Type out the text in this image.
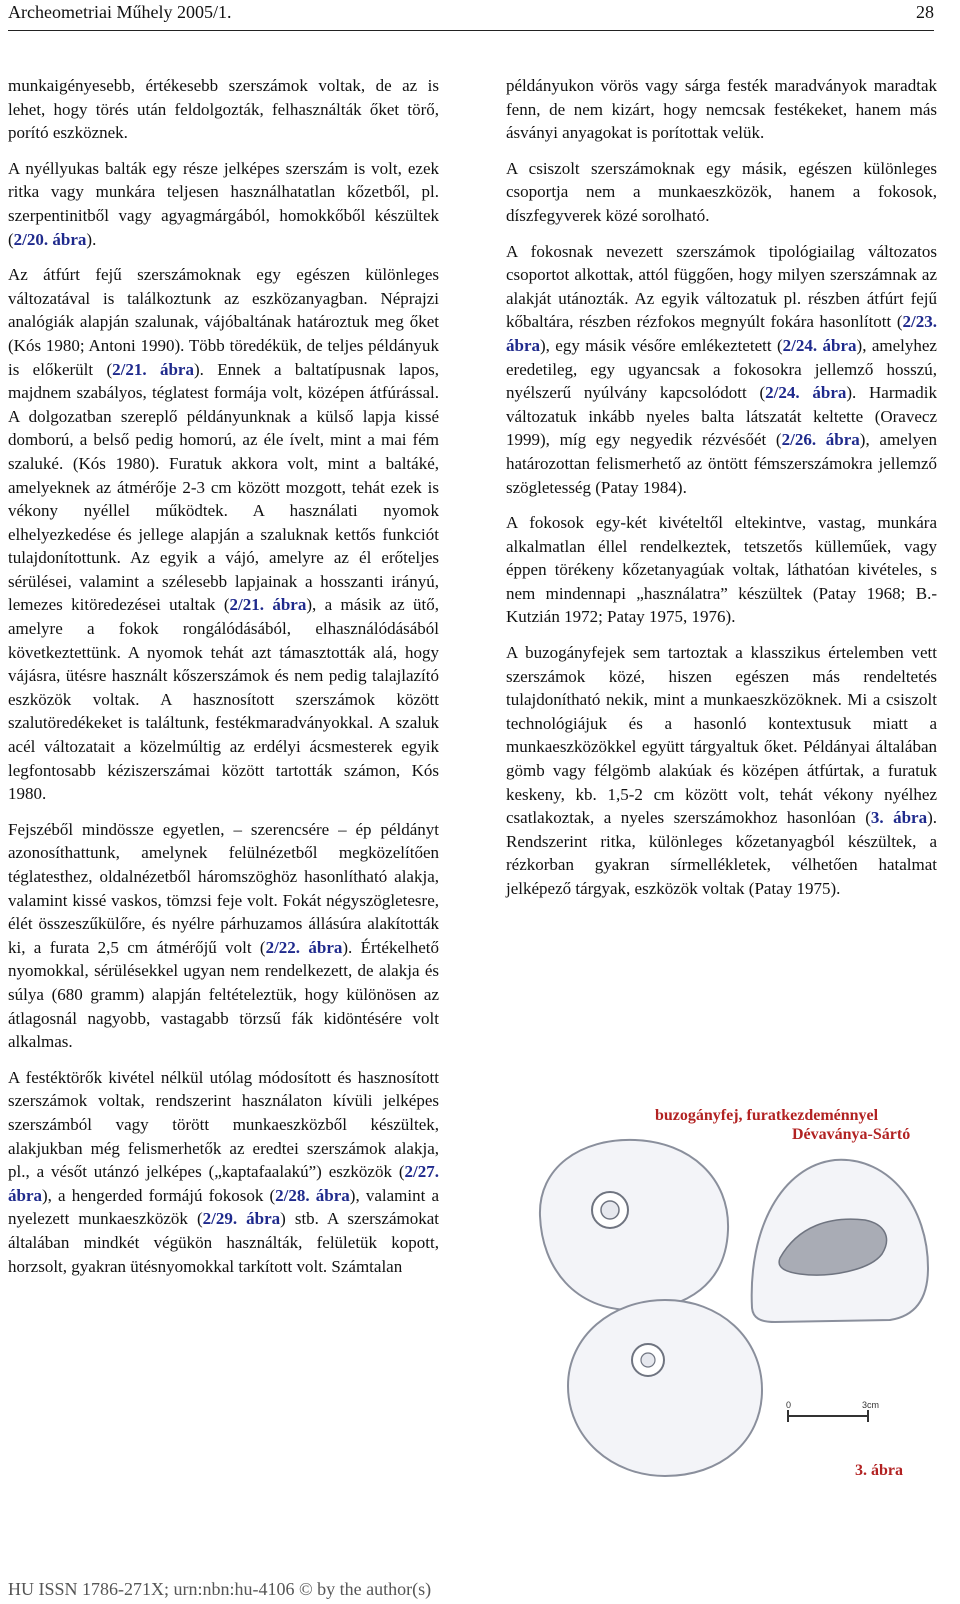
Archeometriai Műhely 2005/1.	28

munkaigényesebb, értékesebb szerszámok voltak, de az is lehet, hogy törés után feldolgozták, felhasználták őket törő, porító eszköznek.

A nyéllyukas balták egy része jelképes szerszám is volt, ezek ritka vagy munkára teljesen használhatatlan kőzetből, pl. szerpentinitből vagy agyagmárgából, homokkőből készültek (2/20. ábra).

Az átfúrt fejű szerszámoknak egy egészen különleges változatával is találkoztunk az eszközanyagban. Néprajzi analógiák alapján szalunak, vájóbaltának határoztuk meg őket (Kós 1980; Antoni 1990). Több töredékük, de teljes példányuk is előkerült (2/21. ábra). Ennek a baltatípusnak lapos, majdnem szabályos, téglatest formája volt, középen átfúrással. A dolgozatban szereplő példányunknak a külső lapja kissé domború, a belső pedig homorú, az éle ívelt, mint a mai fém szaluké. (Kós 1980). Furatuk akkora volt, mint a baltáké, amelyeknek az átmérője 2-3 cm között mozgott, tehát ezek is vékony nyéllel működtek. A használati nyomok elhelyezkedése és jellege alapján a szaluknak kettős funkciót tulajdonítottunk. Az egyik a vájó, amelyre az él erőteljes sérülései, valamint a szélesebb lapjainak a hosszanti irányú, lemezes kitöredezései utaltak (2/21. ábra), a másik az ütő, amelyre a fokok rongálódásából, elhasználódásából következtettünk. A nyomok tehát azt támasztották alá, hogy vájásra, ütésre használt kőszerszámok és nem pedig talajlazító eszközök voltak. A hasznosított szerszámok között szalutöredékeket is találtunk, festékmaradványokkal. A szaluk acél változatait a közelmúltig az erdélyi ácsmesterek egyik legfontosabb kéziszerszámai között tartották számon, Kós 1980.

Fejszéből mindössze egyetlen, – szerencsére – ép példányt azonosíthattunk, amelynek felülnézetből megközelítően téglatesthez, oldalnézetből háromszöghöz hasonlítható alakja, valamint kissé vaskos, tömzsi feje volt. Fokát négyszögletesre, élét összeszűkülőre, és nyélre párhuzamos állásúra alakították ki, a furata 2,5 cm átmérőjű volt (2/22. ábra). Értékelhető nyomokkal, sérülésekkel ugyan nem rendelkezett, de alakja és súlya (680 gramm) alapján feltételeztük, hogy különösen az átlagosnál nagyobb, vastagabb törzsű fák kidöntésére volt alkalmas.

A festéktörők kivétel nélkül utólag módosított és hasznosított szerszámok voltak, rendszerint használaton kívüli jelképes szerszámból vagy törött munkaeszközből készültek, alakjukban még felismerhetők az eredtei szerszámok alakja, pl., a vésőt utánzó jelképes („kaptafaalakú”) eszközök (2/27. ábra), a hengerded formájú fokosok (2/28. ábra), valamint a nyelezett munkaeszközök (2/29. ábra) stb. A szerszámokat általában mindkét végükön használták, felületük kopott, horzsolt, gyakran ütésnyomokkal tarkított volt. Számtalan

példányukon vörös vagy sárga festék maradványok maradtak fenn, de nem kizárt, hogy nemcsak festékeket, hanem más ásványi anyagokat is porítottak velük.

A csiszolt szerszámoknak egy másik, egészen különleges csoportja nem a munkaeszközök, hanem a fokosok, díszfegyverek közé sorolható.

A fokosnak nevezett szerszámok tipológiailag változatos csoportot alkottak, attól függően, hogy milyen szerszámnak az alakját utánozták. Az egyik változatuk pl. részben átfúrt fejű kőbaltára, részben rézfokos megnyúlt fokára hasonlított (2/23. ábra), egy másik vésőre emlékeztetett (2/24. ábra), amelyhez eredetileg, egy ugyancsak a fokosokra jellemző hosszú, nyélszerű nyúlvány kapcsolódott (2/24. ábra). Harmadik változatuk inkább nyeles balta látszatát keltette (Oravecz 1999), míg egy negyedik rézvésőét (2/26. ábra), amelyen határozottan felismerhető az öntött fémszerszámokra jellemző szögletesség (Patay 1984).

A fokosok egy-két kivételtől eltekintve, vastag, munkára alkalmatlan éllel rendelkeztek, tetszetős külleműek, vagy éppen törékeny kőzetanyagúak voltak, láthatóan kivételes, s nem mindennapi „használatra” készültek (Patay 1968; B.-Kutzián 1972; Patay 1975, 1976).

A buzogányfejek sem tartoztak a klasszikus értelemben vett szerszámok közé, hiszen egészen más rendeltetés tulajdonítható nekik, mint a munkaeszközöknek. Mi a csiszolt technológiájuk és a hasonló kontextusuk miatt a munkaeszközökkel együtt tárgyaltuk őket. Példányai általában gömb vagy félgömb alakúak és középen átfúrtak, a furatuk keskeny, kb. 1,5-2 cm között volt, tehát vékony nyélhez csatlakoztak, a nyeles szerszámokhoz hasonlóan (3. ábra). Rendszerint ritka, különleges kőzetanyagból készültek, a rézkorban gyakran sírmellékletek, vélhetően hatalmat jelképező tárgyak, eszközök voltak (Patay 1975).

0	3cm
buzogányfej, furatkezdeménnyel
Dévaványa-Sártó
3. ábra
HU ISSN 1786-271X; urn:nbn:hu-4106 © by the author(s)
